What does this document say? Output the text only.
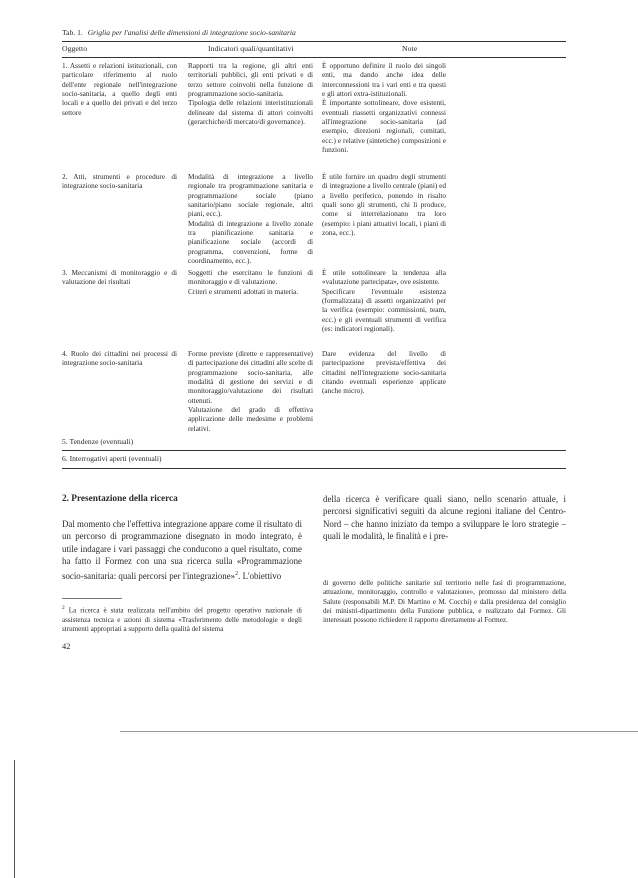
Tab. 1. Griglia per l'analisi delle dimensioni di integrazione socio-sanitaria
Oggetto	Indicatori quali/quantitativi	Note
1. Assetti e relazioni istituzionali, con particolare riferimento al ruolo dell'ente regionale nell'integrazione socio-sanitaria, a quello degli enti locali e a quello dei privati e del terzo settore

Rapporti tra la regione, gli altri enti territoriali pubblici, gli enti privati e di terzo settore coinvolti nella funzione di programmazione socio-sanitaria.

Tipologia delle relazioni interistituzionali delineate dal sistema di attori coinvolti (gerarchiche/di mercato/di governance).

È opportuno definire il ruolo dei singoli enti, ma dando anche idea delle interconnessioni tra i vari enti e tra questi e gli attori extra-istituzionali.

È importante sottolineare, dove esistenti, eventuali riassetti organizzativi connessi all'integrazione socio-sanitaria (ad esempio, direzioni regionali, comitati, ecc.) e relative (sintetiche) composizioni e funzioni.

2. Atti, strumenti e procedure di integrazione socio-sanitaria

Modalità di integrazione a livello regionale tra programmazione sanitaria e programmazione sociale (piano sanitario/piano sociale regionale, altri piani, ecc.).

Modalità di integrazione a livello zonale tra pianificazione sanitaria e pianificazione sociale (accordi di programma, convenzioni, forme di coordinamento, ecc.).

È utile fornire un quadro degli strumenti di integrazione a livello centrale (piani) ed a livello periferico, ponendo in risalto quali sono gli strumenti, chi li produce, come si interrelazionano tra loro (esempio: i piani attuativi locali, i piani di zona, ecc.).

3. Meccanismi di monitoraggio e di valutazione dei risultati

Soggetti che esercitano le funzioni di monitoraggio e di valutazione.

Criteri e strumenti adottati in materia.

È utile sottolineare la tendenza alla «valutazione partecipata», ove esistente.

Specificare l'eventuale esistenza (formalizzata) di assetti organizzativi per la verifica (esempio: commissioni, team, ecc.) e gli eventuali strumenti di verifica (es: indicatori regionali).

4. Ruolo dei cittadini nei processi di integrazione socio-sanitaria

Forme previste (dirette e rappresentative) di partecipazione dei cittadini alle scelte di programmazione socio-sanitaria, alle modalità di gestione dei servizi e di monitoraggio/valutazione dei risultati ottenuti.

Valutazione del grado di effettiva applicazione delle medesime e problemi relativi.

Dare evidenza del livello di partecipazione prevista/effettiva dei cittadini nell'integrazione socio-sanitaria citando eventuali esperienze applicate (anche micro).

5. Tendenze (eventuali)
6. Interrogativi aperti (eventuali)
2. Presentazione della ricerca
Dal momento che l'effettiva integrazione appare come il risultato di un percorso di programmazione disegnato in modo integrato, è utile indagare i vari passaggi che conducono a quel risultato, come ha fatto il Formez con una sua ricerca sulla «Programmazione socio-sanitaria: quali percorsi per l'integrazione»$^2$. L'obiettivo
della ricerca è verificare quali siano, nello scenario attuale, i percorsi significativi seguiti da alcune regioni italiane del Centro-Nord – che hanno iniziato da tempo a sviluppare le loro strategie – quali le modalità, le finalità e i pre-
$^2$ La ricerca è stata realizzata nell'ambito del progetto operativo nazionale di assistenza tecnica e azioni di sistema «Trasferimento delle metodologie e degli strumenti appropriati a supporto della qualità del sistema
di governo delle politiche sanitarie sul territorio nelle fasi di programmazione, attuazione, monitoraggio, controllo e valutazione», promosso dal ministero della Salute (responsabili M.P. Di Martino e M. Cocchi) e dalla presidenza del consiglio dei ministri-dipartimento della Funzione pubblica, e realizzato dal Formez. Gli interessati possono richiedere il rapporto direttamente al Formez.
42
